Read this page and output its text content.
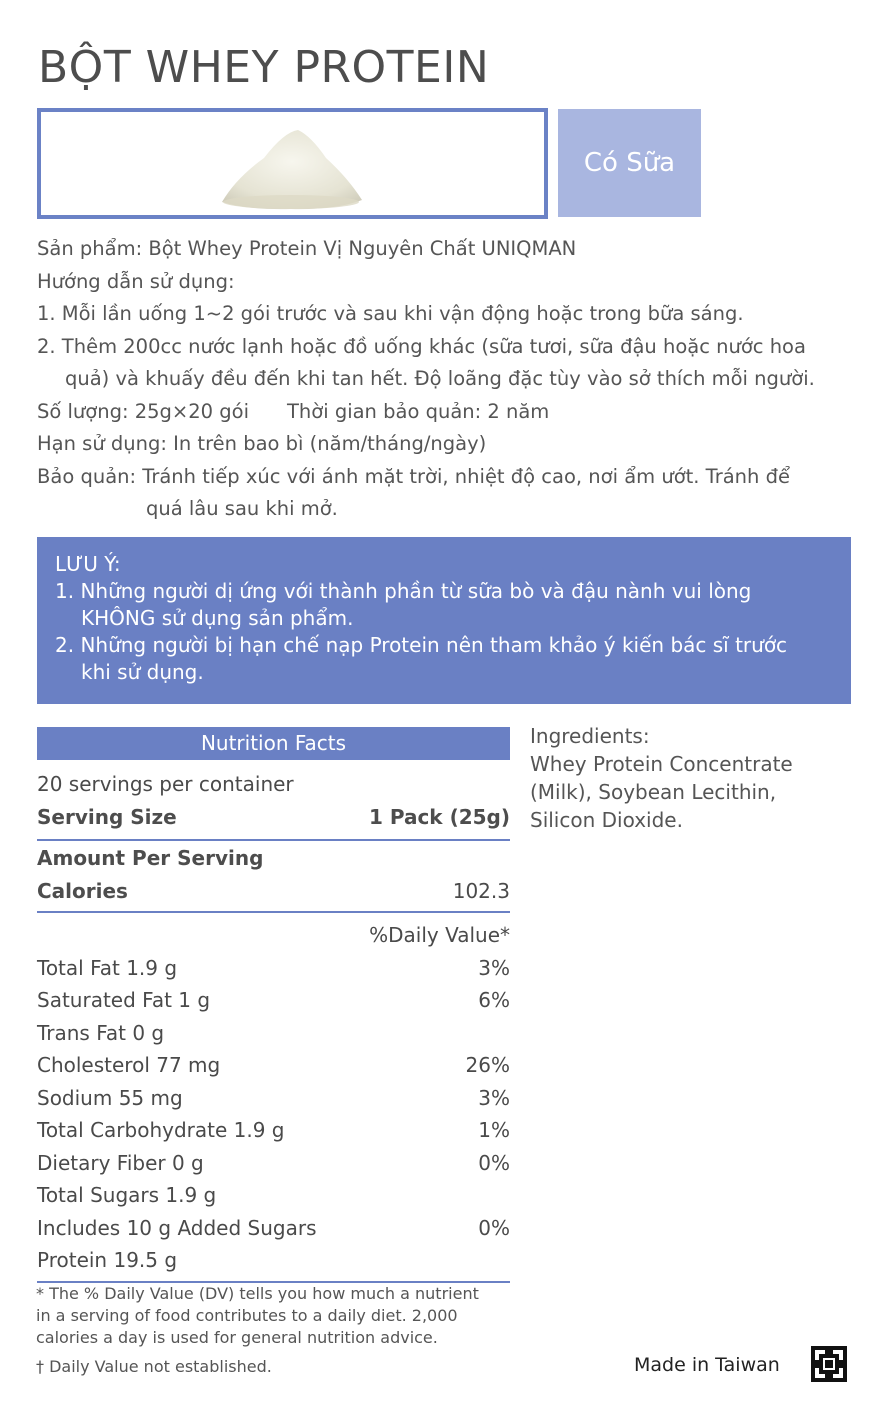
BỘT WHEY PROTEIN
Có Sữa
Sản phẩm: Bột Whey Protein Vị Nguyên Chất UNIQMAN
Hướng dẫn sử dụng:
1. Mỗi lần uống 1~2 gói trước và sau khi vận động hoặc trong bữa sáng.
2. Thêm 200cc nước lạnh hoặc đồ uống khác (sữa tươi, sữa đậu hoặc nước hoa
quả) và khuấy đều đến khi tan hết. Độ loãng đặc tùy vào sở thích mỗi người.
Số lượng: 25g×20 gói Thời gian bảo quản: 2 năm
Hạn sử dụng: In trên bao bì (năm/tháng/ngày)
Bảo quản: Tránh tiếp xúc với ánh mặt trời, nhiệt độ cao, nơi ẩm ướt. Tránh để
quá lâu sau khi mở.
LƯU Ý:
1. Những người dị ứng với thành phần từ sữa bò và đậu nành vui lòng
KHÔNG sử dụng sản phẩm.
2. Những người bị hạn chế nạp Protein nên tham khảo ý kiến bác sĩ trước
khi sử dụng.
Nutrition Facts
20 servings per container
Serving Size	1 Pack (25g)
Amount Per Serving
Calories	102.3
%Daily Value*
Total Fat 1.9 g	3%
Saturated Fat 1 g	6%
Trans Fat 0 g
Cholesterol 77 mg	26%
Sodium 55 mg	3%
Total Carbohydrate 1.9 g	1%
Dietary Fiber 0 g	0%
Total Sugars 1.9 g
Includes 10 g Added Sugars	0%
Protein 19.5 g
Ingredients:
Whey Protein Concentrate
(Milk), Soybean Lecithin,
Silicon Dioxide.
* The % Daily Value (DV) tells you how much a nutrient
in a serving of food contributes to a daily diet. 2,000
calories a day is used for general nutrition advice.
† Daily Value not established.	Made in Taiwan
